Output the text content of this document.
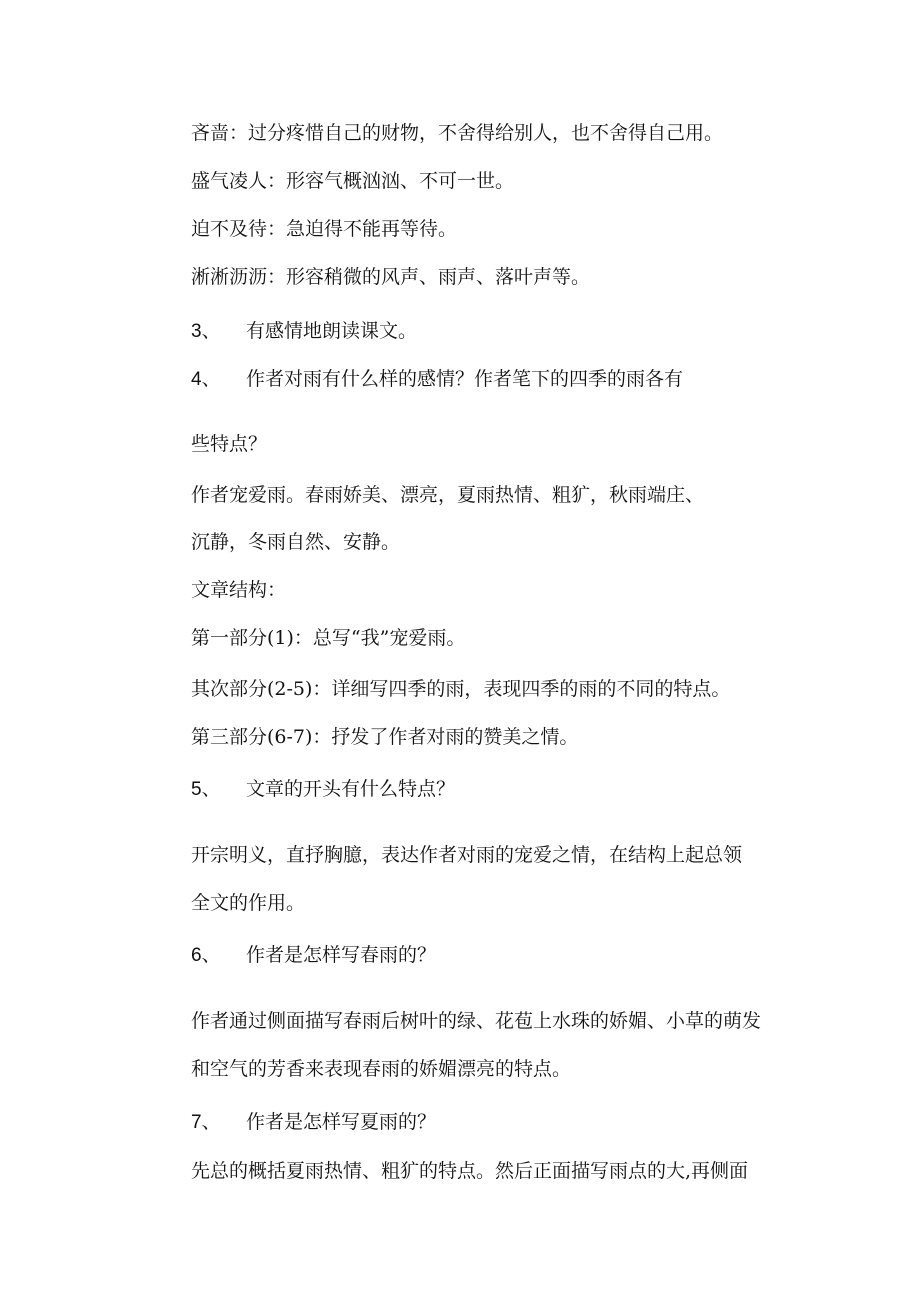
吝啬：过分疼惜自己的财物，不舍得给别人，也不舍得自己用。
盛气凌人：形容气概汹汹、不可一世。
迫不及待：急迫得不能再等待。
淅淅沥沥：形容稍微的风声、雨声、落叶声等。
3、 有感情地朗读课文。
4、 作者对雨有什么样的感情？作者笔下的四季的雨各有
些特点？
作者宠爱雨。春雨娇美、漂亮，夏雨热情、粗犷，秋雨端庄、
沉静，冬雨自然、安静。
文章结构：
第一部分(1)：总写“我”宠爱雨。
其次部分(2-5)：详细写四季的雨，表现四季的雨的不同的特点。
第三部分(6-7)：抒发了作者对雨的赞美之情。
5、 文章的开头有什么特点？
开宗明义，直抒胸臆，表达作者对雨的宠爱之情，在结构上起总领
全文的作用。
6、 作者是怎样写春雨的？
作者通过侧面描写春雨后树叶的绿、花苞上水珠的娇媚、小草的萌发
和空气的芳香来表现春雨的娇媚漂亮的特点。
7、 作者是怎样写夏雨的？
先总的概括夏雨热情、粗犷的特点。然后正面描写雨点的大,再侧面
